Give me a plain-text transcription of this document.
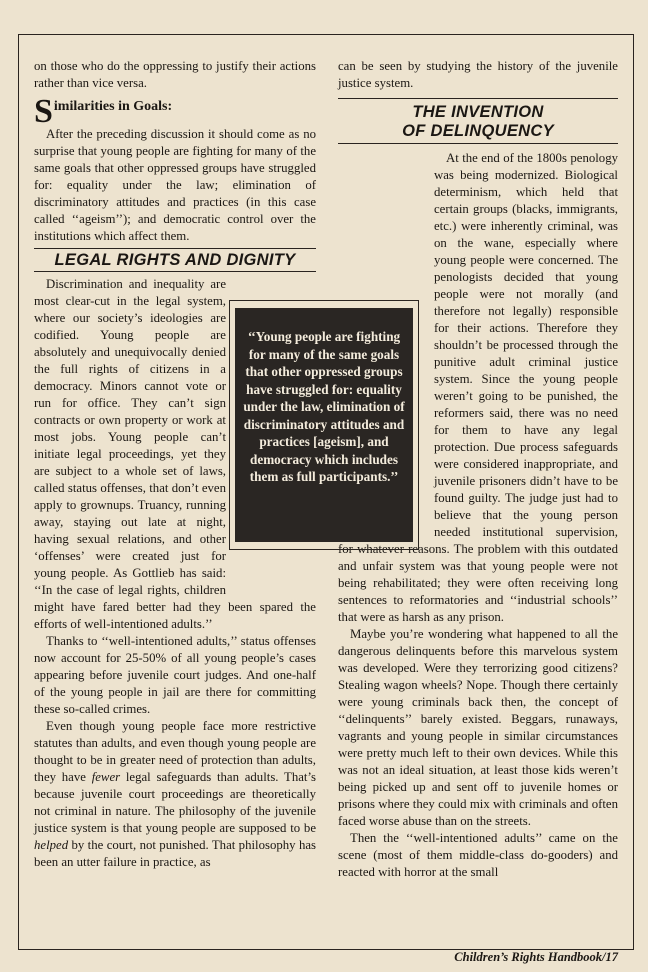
on those who do the oppressing to justify their actions rather than vice versa.

Similarities in Goals:

After the preceding discussion it should come as no surprise that young people are fighting for many of the same goals that other oppressed groups have struggled for: equality under the law; elimination of discriminatory attitudes and practices (in this case called ‘‘ageism’’); and democratic control over the institutions which affect them.

LEGAL RIGHTS AND DIGNITY

Discrimination and inequality are most clear-cut in the legal system, where our society’s ideologies are codified. Young people are absolutely and unequivocally denied the full rights of citizens in a democracy. Minors cannot vote or run for office. They can’t sign contracts or own property or work at most jobs. Young people can’t initiate legal proceedings, yet they are subject to a whole set of laws, called status offenses, that don’t even apply to grownups. Truancy, running away, staying out late at night, having sexual relations, and other ‘offenses’ were created just for young people. As Gottlieb has said: ‘‘In the case of legal rights, children might have fared better had they been spared the efforts of well-intentioned adults.’’

Thanks to ‘‘well-intentioned adults,’’ status offenses now account for 25-50% of all young people’s cases appearing before juvenile court judges. And one-half of the young people in jail are there for committing these so-called crimes.

Even though young people face more restrictive statutes than adults, and even though young people are thought to be in greater need of protection than adults, they have fewer legal safeguards than adults. That’s because juvenile court proceedings are theoretically not criminal in nature. The philosophy of the juvenile justice system is that young people are supposed to be helped by the court, not punished. That philosophy has been an utter failure in practice, as

can be seen by studying the history of the juvenile justice system.

THE INVENTION
OF DELINQUENCY

At the end of the 1800s penology was being modernized. Biological determinism, which held that certain groups (blacks, immigrants, etc.) were inherently criminal, was on the wane, especially where young people were concerned. The penologists decided that young people were not morally (and therefore not legally) responsible for their actions. Therefore they shouldn’t be processed through the punitive adult criminal justice system. Since the young people weren’t going to be punished, the reformers said, there was no need for them to have any legal protection. Due process safeguards were considered inappropriate, and juvenile prisoners didn’t have to be found guilty. The judge just had to believe that the young person needed institutional supervision, for whatever reasons. The problem with this outdated and unfair system was that young people were not being rehabilitated; they were often receiving long sentences to reformatories and ‘‘industrial schools’’ that were as harsh as any prison.

Maybe you’re wondering what happened to all the dangerous delinquents before this marvelous system was developed. Were they terrorizing good citizens? Stealing wagon wheels? Nope. Though there certainly were young criminals back then, the concept of ‘‘delinquents’’ barely existed. Beggars, runaways, vagrants and young people in similar circumstances were pretty much left to their own devices. While this was not an ideal situation, at least those kids weren’t being picked up and sent off to juvenile homes or prisons where they could mix with criminals and often faced worse abuse than on the streets.

Then the ‘‘well-intentioned adults’’ came on the scene (most of them middle-class do-gooders) and reacted with horror at the small

‘‘Young people are fighting for many of the same goals that other oppressed groups have struggled for: equality under the law, elimination of discriminatory attitudes and practices [ageism], and democracy which includes them as full participants.’’
Children’s Rights Handbook/17
